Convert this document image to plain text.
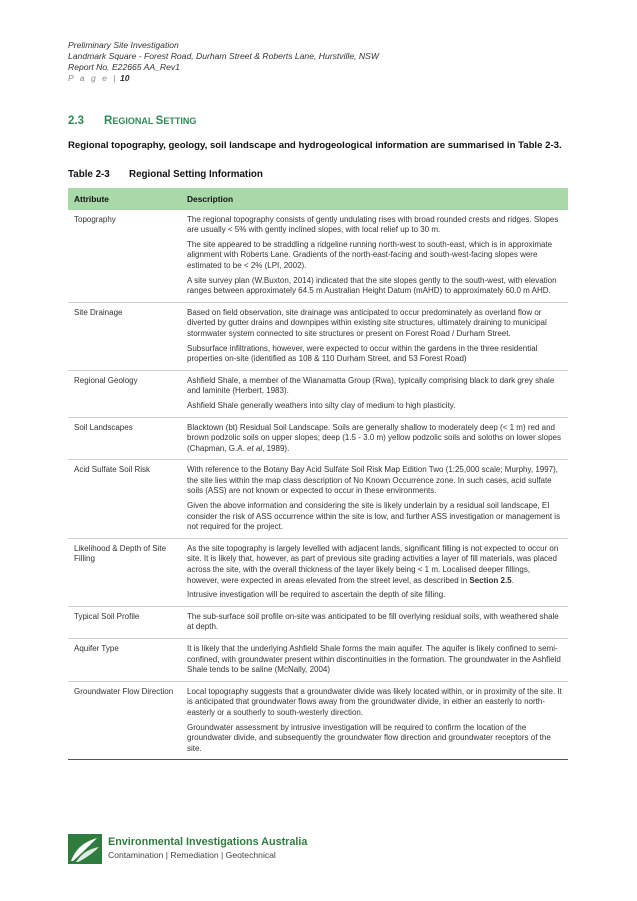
Preliminary Site Investigation
Landmark Square - Forest Road, Durham Street & Roberts Lane, Hurstville, NSW
Report No. E22665 AA_Rev1
P a g e | 10
2.3 REGIONAL SETTING
Regional topography, geology, soil landscape and hydrogeological information are summarised in Table 2-3.
Table 2-3 Regional Setting Information
Attribute	Description
Topography	The regional topography consists of gently undulating rises with broad rounded crests and ridges. Slopes are usually < 5% with gently inclined slopes, with local relief up to 30 m.

The site appeared to be straddling a ridgeline running north-west to south-east, which is in approximate alignment with Roberts Lane. Gradients of the north-east-facing and south-west-facing slopes were estimated to be < 2% (LPI, 2002).

A site survey plan (W.Buxton, 2014) indicated that the site slopes gently to the south-west, with elevation ranges between approximately 64.5 m Australian Height Datum (mAHD) to approximately 60.0 m AHD.

Site Drainage	Based on field observation, site drainage was anticipated to occur predominately as overland flow or diverted by gutter drains and downpipes within existing site structures, ultimately draining to municipal stormwater system connected to site structures or present on Forest Road / Durham Street.

Subsurface infiltrations, however, were expected to occur within the gardens in the three residential properties on-site (identified as 108 & 110 Durham Street, and 53 Forest Road)

Regional Geology	Ashfield Shale, a member of the Wianamatta Group (Rwa), typically comprising black to dark grey shale and laminite (Herbert, 1983).

Ashfield Shale generally weathers into silty clay of medium to high plasticity.

Soil Landscapes	Blacktown (bt) Residual Soil Landscape. Soils are generally shallow to moderately deep (< 1 m) red and brown podzolic soils on upper slopes; deep (1.5 - 3.0 m) yellow podzolic soils and soloths on lower slopes (Chapman, G.A. et al, 1989).

Acid Sulfate Soil Risk	With reference to the Botany Bay Acid Sulfate Soil Risk Map Edition Two (1:25,000 scale; Murphy, 1997), the site lies within the map class description of No Known Occurrence zone. In such cases, acid sulfate soils (ASS) are not known or expected to occur in these environments.

Given the above information and considering the site is likely underlain by a residual soil landscape, EI consider the risk of ASS occurrence within the site is low, and further ASS investigation or management is not required for the project.

Likelihood & Depth of Site Filling	As the site topography is largely levelled with adjacent lands, significant filling is not expected to occur on site. It is likely that, however, as part of previous site grading activities a layer of fill materials, was placed across the site, with the overall thickness of the layer likely being < 1 m. Localised deeper fillings, however, were expected in areas elevated from the street level, as described in Section 2.5.

Intrusive investigation will be required to ascertain the depth of site filling.

Typical Soil Profile	The sub-surface soil profile on-site was anticipated to be fill overlying residual soils, with weathered shale at depth.

Aquifer Type	It is likely that the underlying Ashfield Shale forms the main aquifer. The aquifer is likely confined to semi-confined, with groundwater present within discontinuities in the formation. The groundwater in the Ashfield Shale tends to be saline (McNally, 2004)

Groundwater Flow Direction	Local topography suggests that a groundwater divide was likely located within, or in proximity of the site. It is anticipated that groundwater flows away from the groundwater divide, in either an easterly to north-easterly or a southerly to south-westerly direction.

Groundwater assessment by intrusive investigation will be required to confirm the location of the groundwater divide, and subsequently the groundwater flow direction and groundwater receptors of the site.

Environmental Investigations Australia
Contamination | Remediation | Geotechnical
